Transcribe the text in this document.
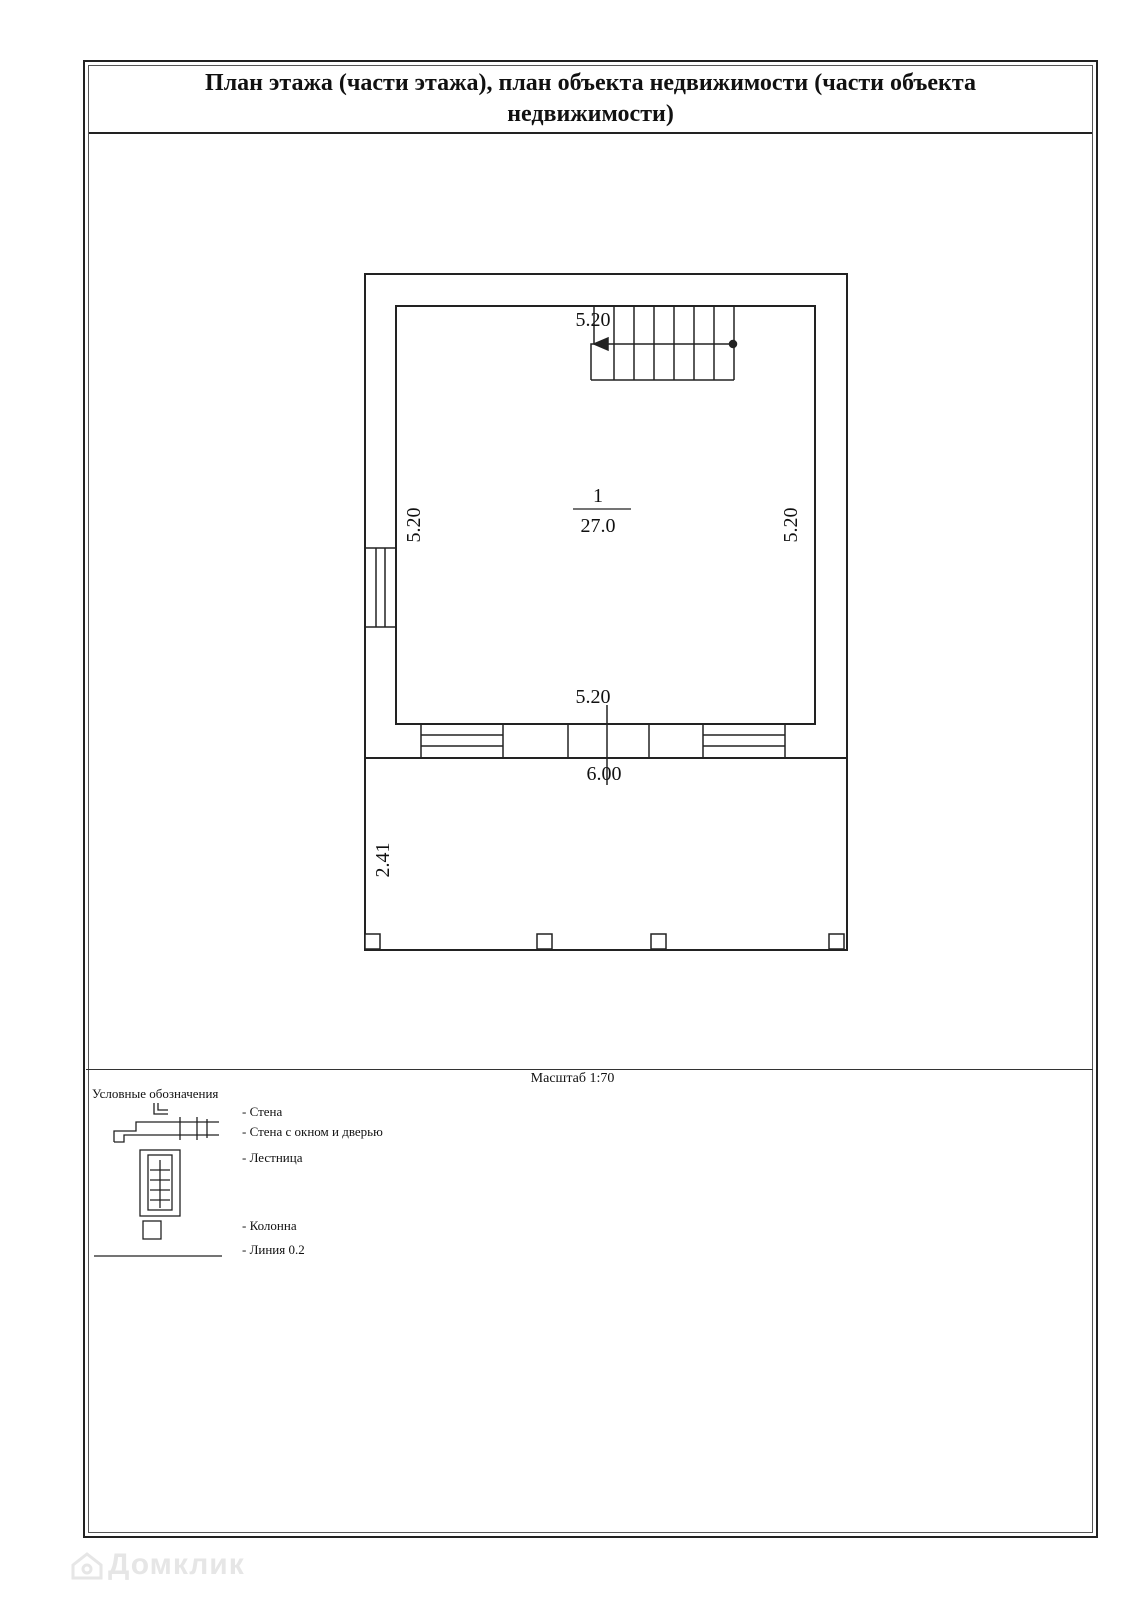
План этажа (части этажа), план объекта недвижимости (части объекта
недвижимости)
1
27.0
5.20
5.20
6.00
5.20	5.20
2.41
Масштаб 1:70
Условные обозначения
- Стена
- Стена с окном и дверью
- Лестница
- Колонна
- Линия 0.2
Домклик
